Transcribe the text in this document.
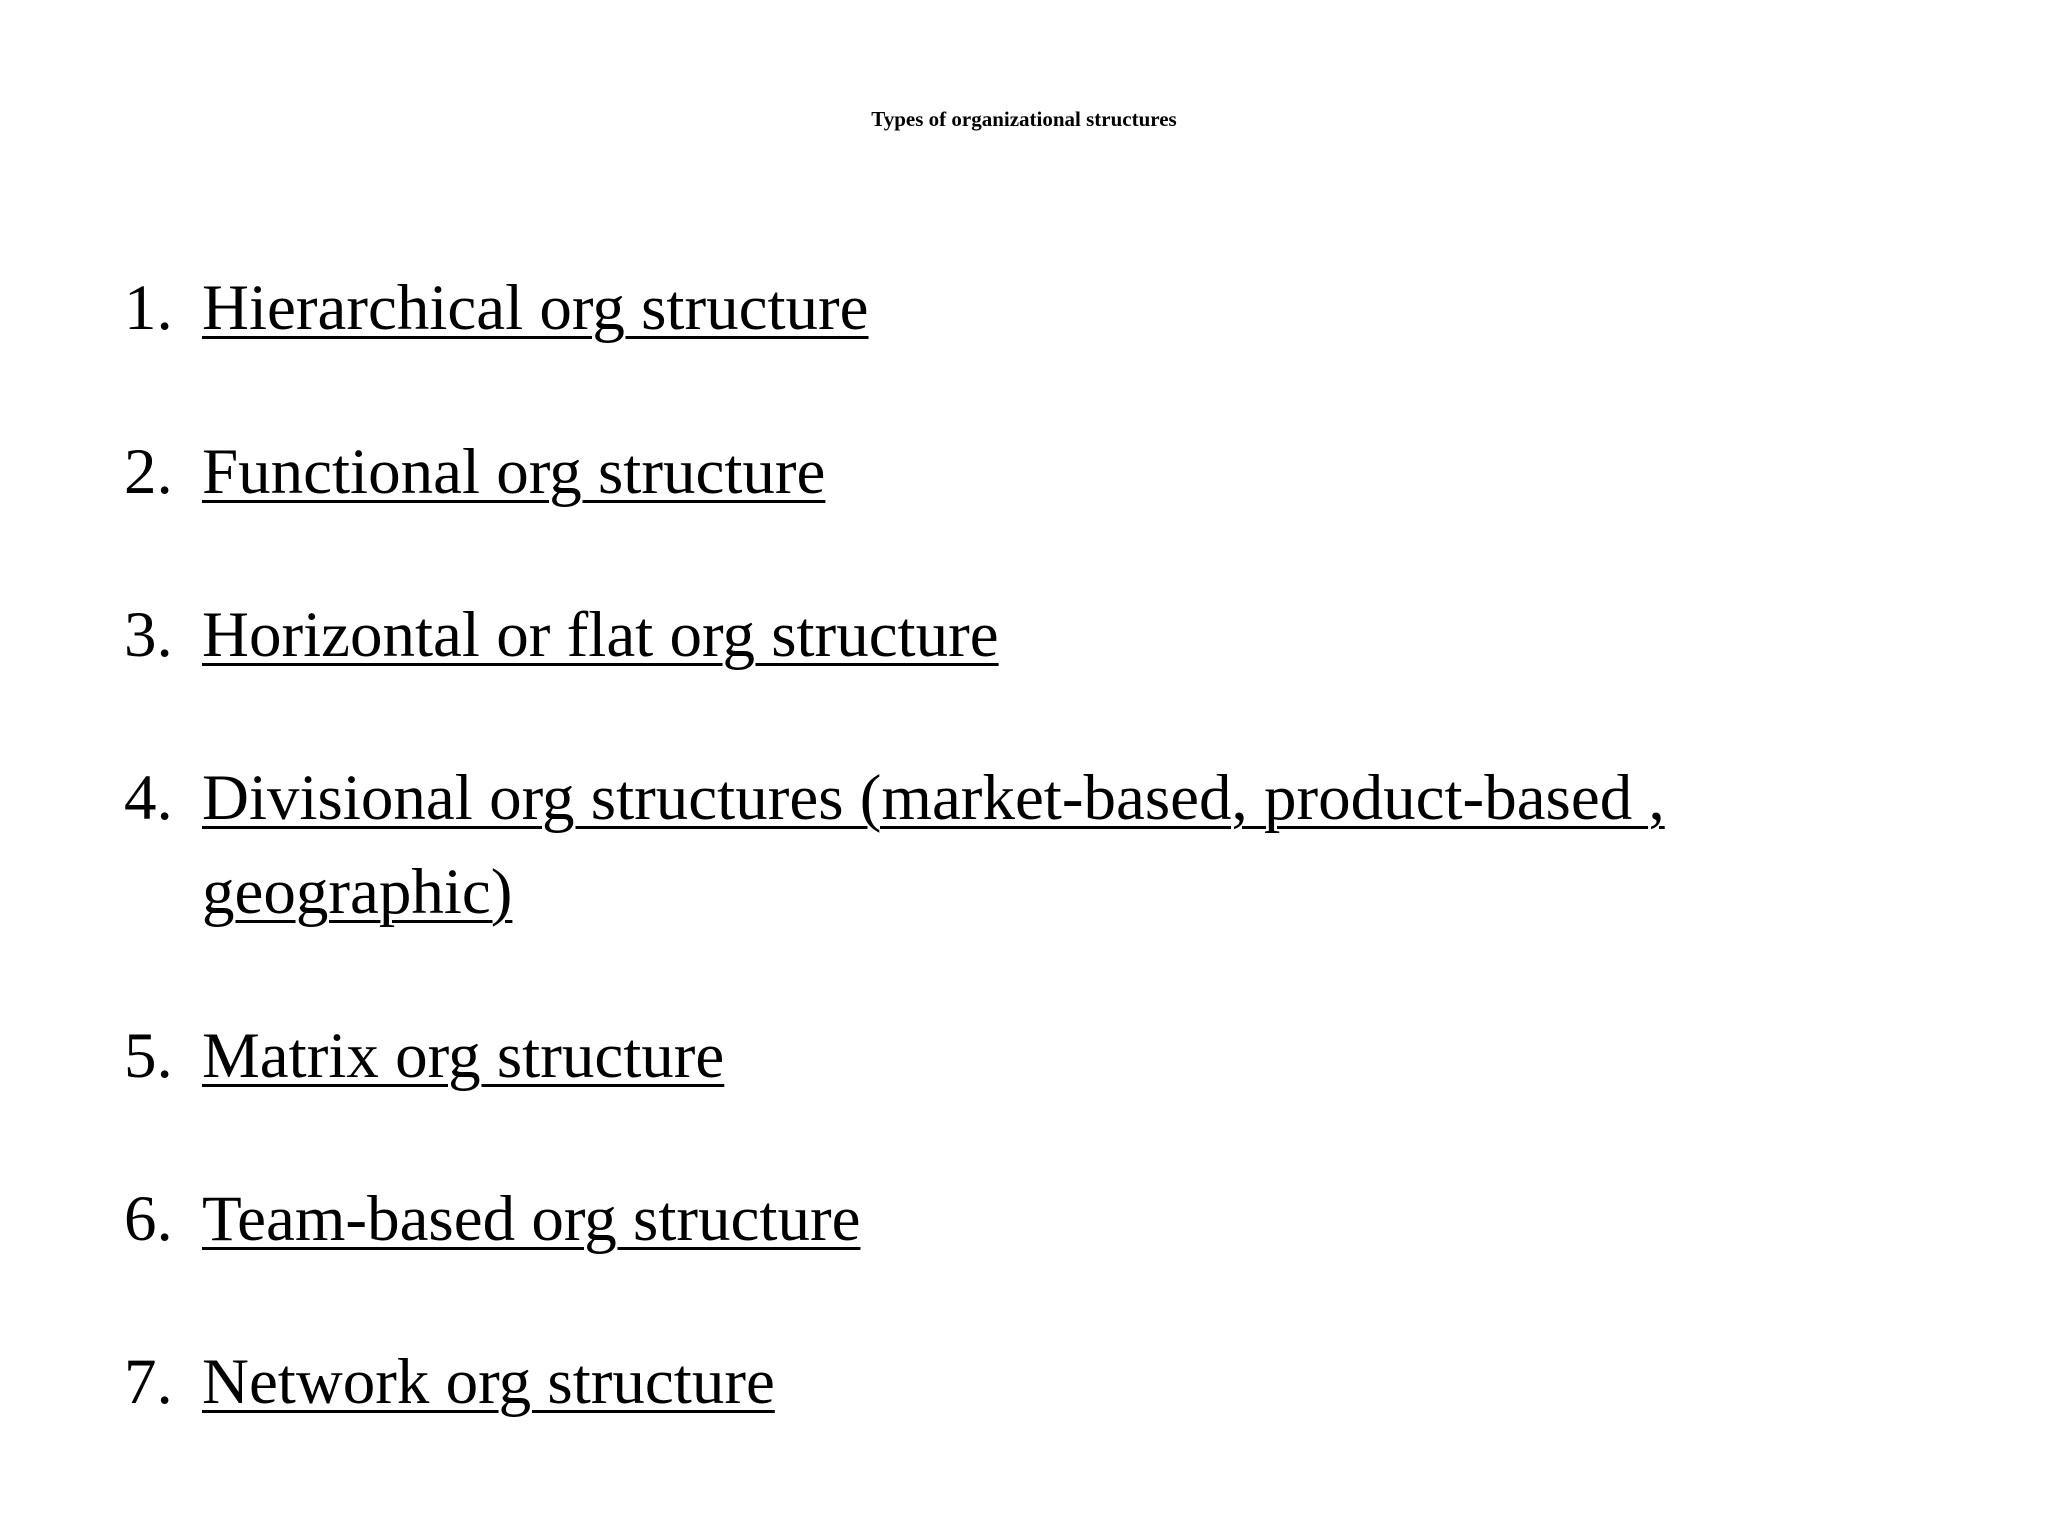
Types of organizational structures
1. Hierarchical org structure
2. Functional org structure
3. Horizontal or flat org structure
4. Divisional org structures (market-based, product-based , geographic)
5. Matrix org structure
6. Team-based org structure
7. Network org structure
